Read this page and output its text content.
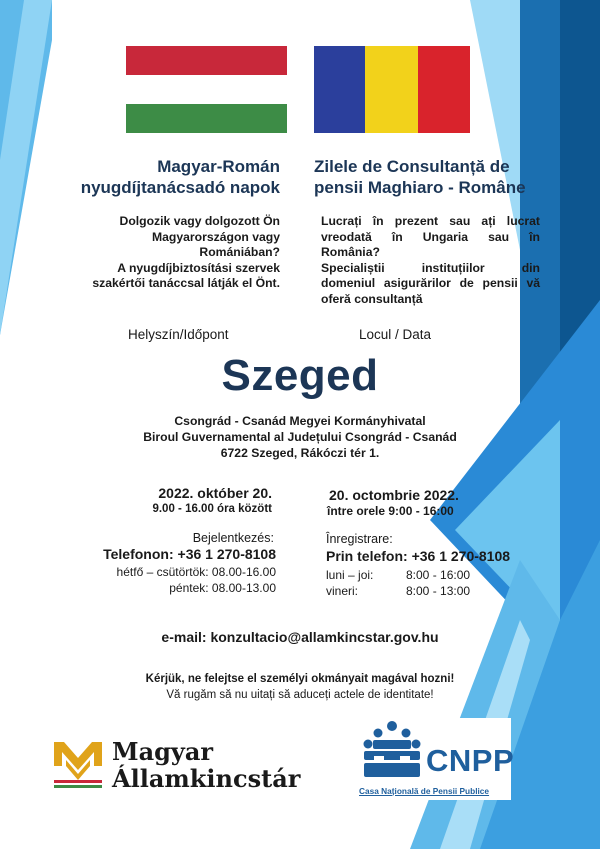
Magyar-Román
nyugdíjtanácsadó napok
Zilele de Consultanță de
pensii Maghiaro - Române
Dolgozik vagy dolgozott Ön
Magyarországon vagy
Romániában?
A nyugdíjbiztosítási szervek
szakértői tanáccsal látják el Önt.
Lucrați în prezent sau ați lucrat
vreodată în Ungaria sau în
România?
Specialiștii instituțiilor din
domeniul asigurărilor de pensii vă
oferă consultanță
Helyszín/Időpont	Locul / Data
Szeged
Csongrád - Csanád Megyei Kormányhivatal
Biroul Guvernamental al Județului Csongrád - Csanád
6722 Szeged, Rákóczi tér 1.
2022. október 20.
9.00 - 16.00 óra között
20. octombrie 2022.
între orele 9:00 - 16:00
Bejelentkezés:
Telefonon: +36 1 270-8108
hétfő – csütörtök: 08.00-16.00
péntek: 08.00-13.00
Înregistrare:
Prin telefon: +36 1 270-8108
luni – joi:	8:00 - 16:00
vineri:	8:00 - 13:00
e-mail: konzultacio@allamkincstar.gov.hu
Kérjük, ne felejtse el személyi okmányait magával hozni!
Vă rugăm să nu uitați să aduceți actele de identitate!
Magyar
Államkincstár
CNPP
Casa Națională de Pensii Publice
